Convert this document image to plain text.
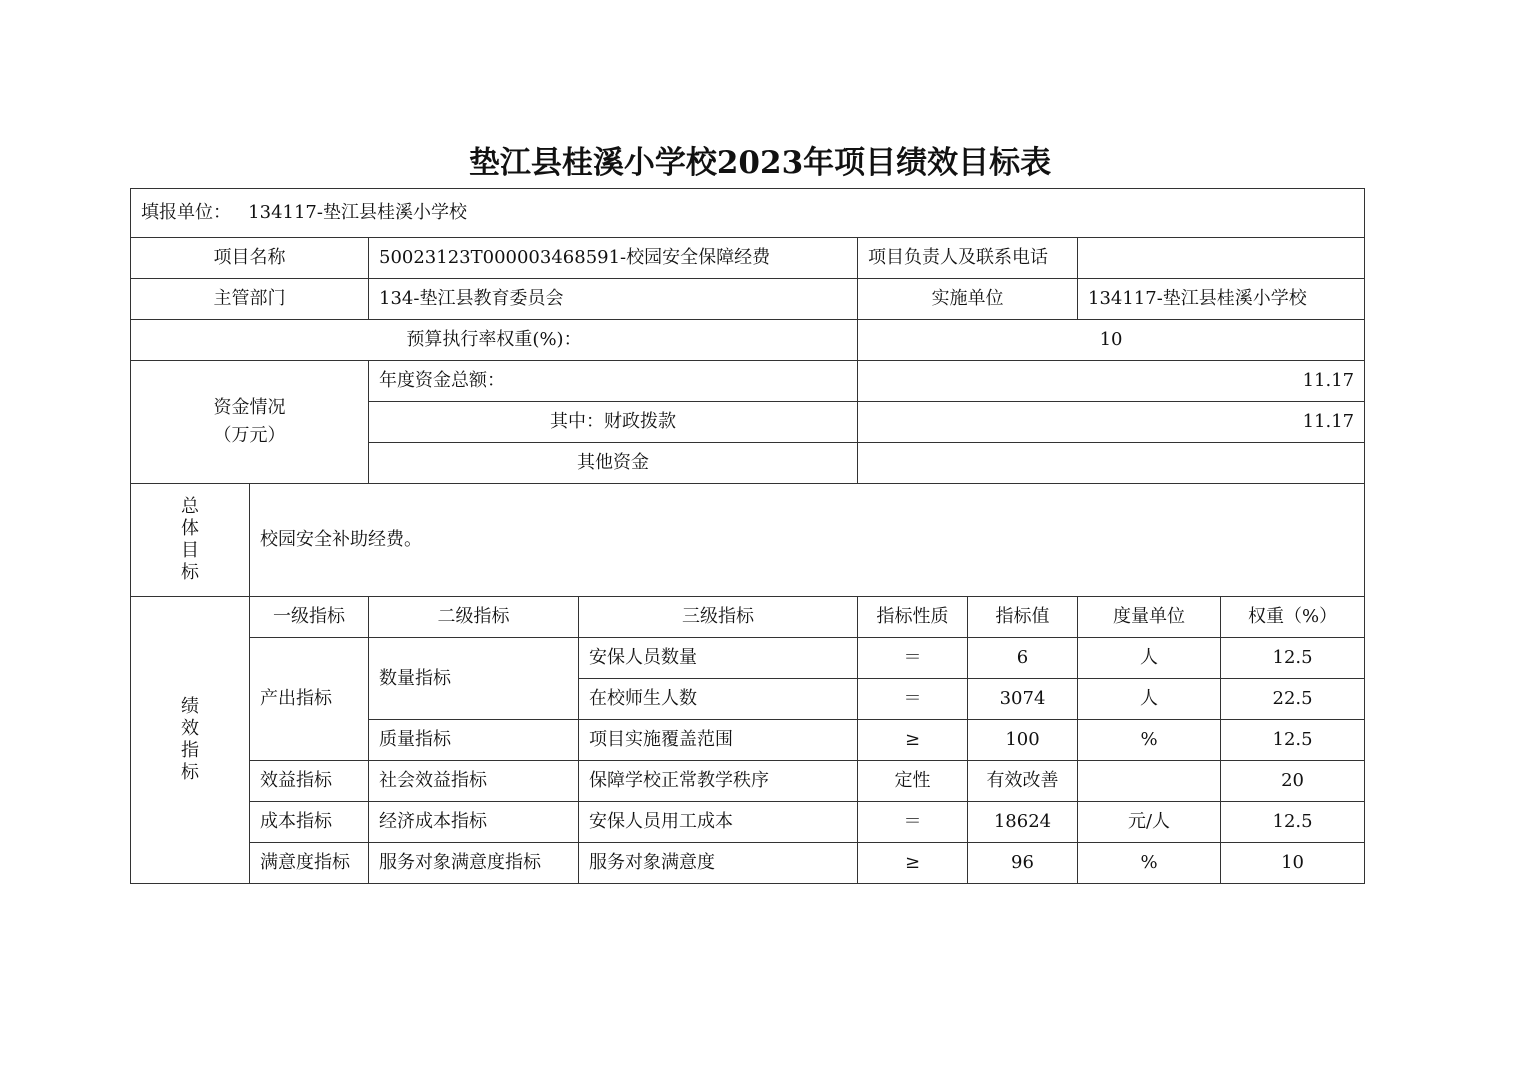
垫江县桂溪小学校2023年项目绩效目标表
填报单位： 134117-垫江县桂溪小学校							
项目名称		50023123T000003468591-校园安全保障经费		项目负责人及联系电话			
主管部门		134-垫江县教育委员会		实施单位		134117-垫江县桂溪小学校	
预算执行率权重(%)：				10			
资金情况
（万元）		年度资金总额：		11.17			
		其中：财政拨款		11.17			
		其他资金					

总
体
目
标	校园安全补助经费。						

绩
效
指
标	一级指标	二级指标	三级指标	指标性质	指标值	度量单位	权重（%）
	产出指标	数量指标	安保人员数量	＝	6	人	12.5
			在校师生人数	＝	3074	人	22.5
		质量指标	项目实施覆盖范围	≥	100	%	12.5
	效益指标	社会效益指标	保障学校正常教学秩序	定性	有效改善		20
	成本指标	经济成本指标	安保人员用工成本	＝	18624	元/人	12.5
	满意度指标	服务对象满意度指标	服务对象满意度	≥	96	%	10
